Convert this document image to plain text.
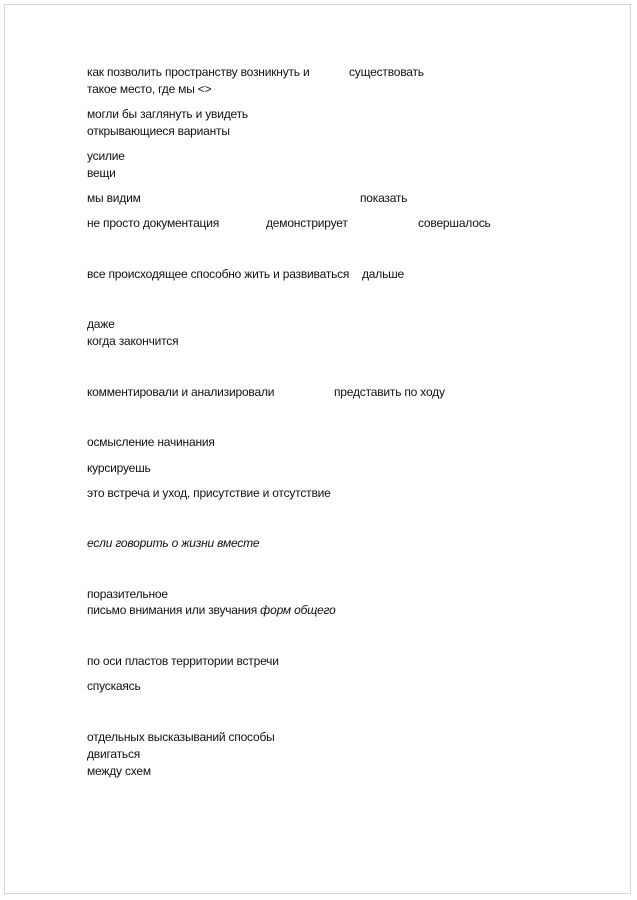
как позволить пространству возникнуть и	существовать
такое место, где мы <>
могли бы заглянуть и увидеть
открывающиеся варианты
усилие
вещи
мы видим	показать
не просто документация	демонстрирует	совершалось
все происходящее способно жить и развиваться дальше
даже
когда закончится
комментировали и анализировали	представить по ходу
осмысление начинания
курсируешь
это встреча и уход, присутствие и отсутствие
если говорить о жизни вместе
поразительное
письмо внимания или звучания форм общего
по оси пластов территории встречи
спускаясь
отдельных высказываний способы
двигаться
между схем
